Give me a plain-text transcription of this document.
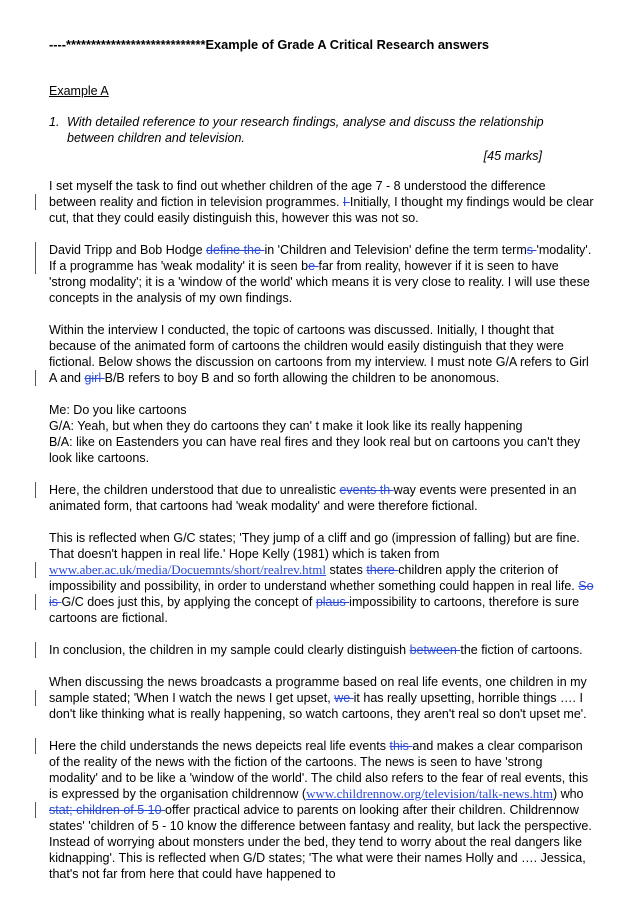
----****************************Example of Grade A Critical Research answers
Example A
1. With detailed reference to your research findings, analyse and discuss the relationship between children and television.
[45 marks]

I set myself the task to find out whether children of the age 7 - 8 understood the difference between reality and fiction in television programmes. I Initially, I thought my findings would be clear cut, that they could easily distinguish this, however this was not so.

David Tripp and Bob Hodge define the in 'Children and Television' define the term terms 'modality'. If a programme has 'weak modality' it is seen be far from reality, however if it is seen to have 'strong modality'; it is a 'window of the world' which means it is very close to reality. I will use these concepts in the analysis of my own findings.

Within the interview I conducted, the topic of cartoons was discussed. Initially, I thought that because of the animated form of cartoons the children would easily distinguish that they were fictional. Below shows the discussion on cartoons from my interview. I must note G/A refers to Girl A and girl B/B refers to boy B and so forth allowing the children to be anonomous.

Me: Do you like cartoons

G/A: Yeah, but when they do cartoons they can' t make it look like its really happening

B/A: like on Eastenders you can have real fires and they look real but on cartoons you can't they look like cartoons.

Here, the children understood that due to unrealistic events th way events were presented in an animated form, that cartoons had 'weak modality' and were therefore fictional.

This is reflected when G/C states; 'They jump of a cliff and go (impression of falling) but are fine. That doesn't happen in real life.' Hope Kelly (1981) which is taken from www.aber.ac.uk/media/Docuemnts/short/realrev.html states there children apply the criterion of impossibility and possibility, in order to understand whether something could happen in real life. So is G/C does just this, by applying the concept of plaus impossibility to cartoons, therefore is sure cartoons are fictional.

In conclusion, the children in my sample could clearly distinguish between the fiction of cartoons.

When discussing the news broadcasts a programme based on real life events, one children in my sample stated; 'When I watch the news I get upset, we it has really upsetting, horrible things …. I don't like thinking what is really happening, so watch cartoons, they aren't real so don't upset me'.

Here the child understands the news depeicts real life events this and makes a clear comparison of the reality of the news with the fiction of the cartoons. The news is seen to have 'strong modality' and to be like a 'window of the world'. The child also refers to the fear of real events, this is expressed by the organisation childrennow (www.childrennow.org/television/talk-news.htm) who stat; children of 5 10 offer practical advice to parents on looking after their children. Childrennow states' 'children of 5 - 10 know the difference between fantasy and reality, but lack the perspective. Instead of worrying about monsters under the bed, they tend to worry about the real dangers like kidnapping'. This is reflected when G/D states; 'The what were their names Holly and …. Jessica, that's not far from here that could have happened to
